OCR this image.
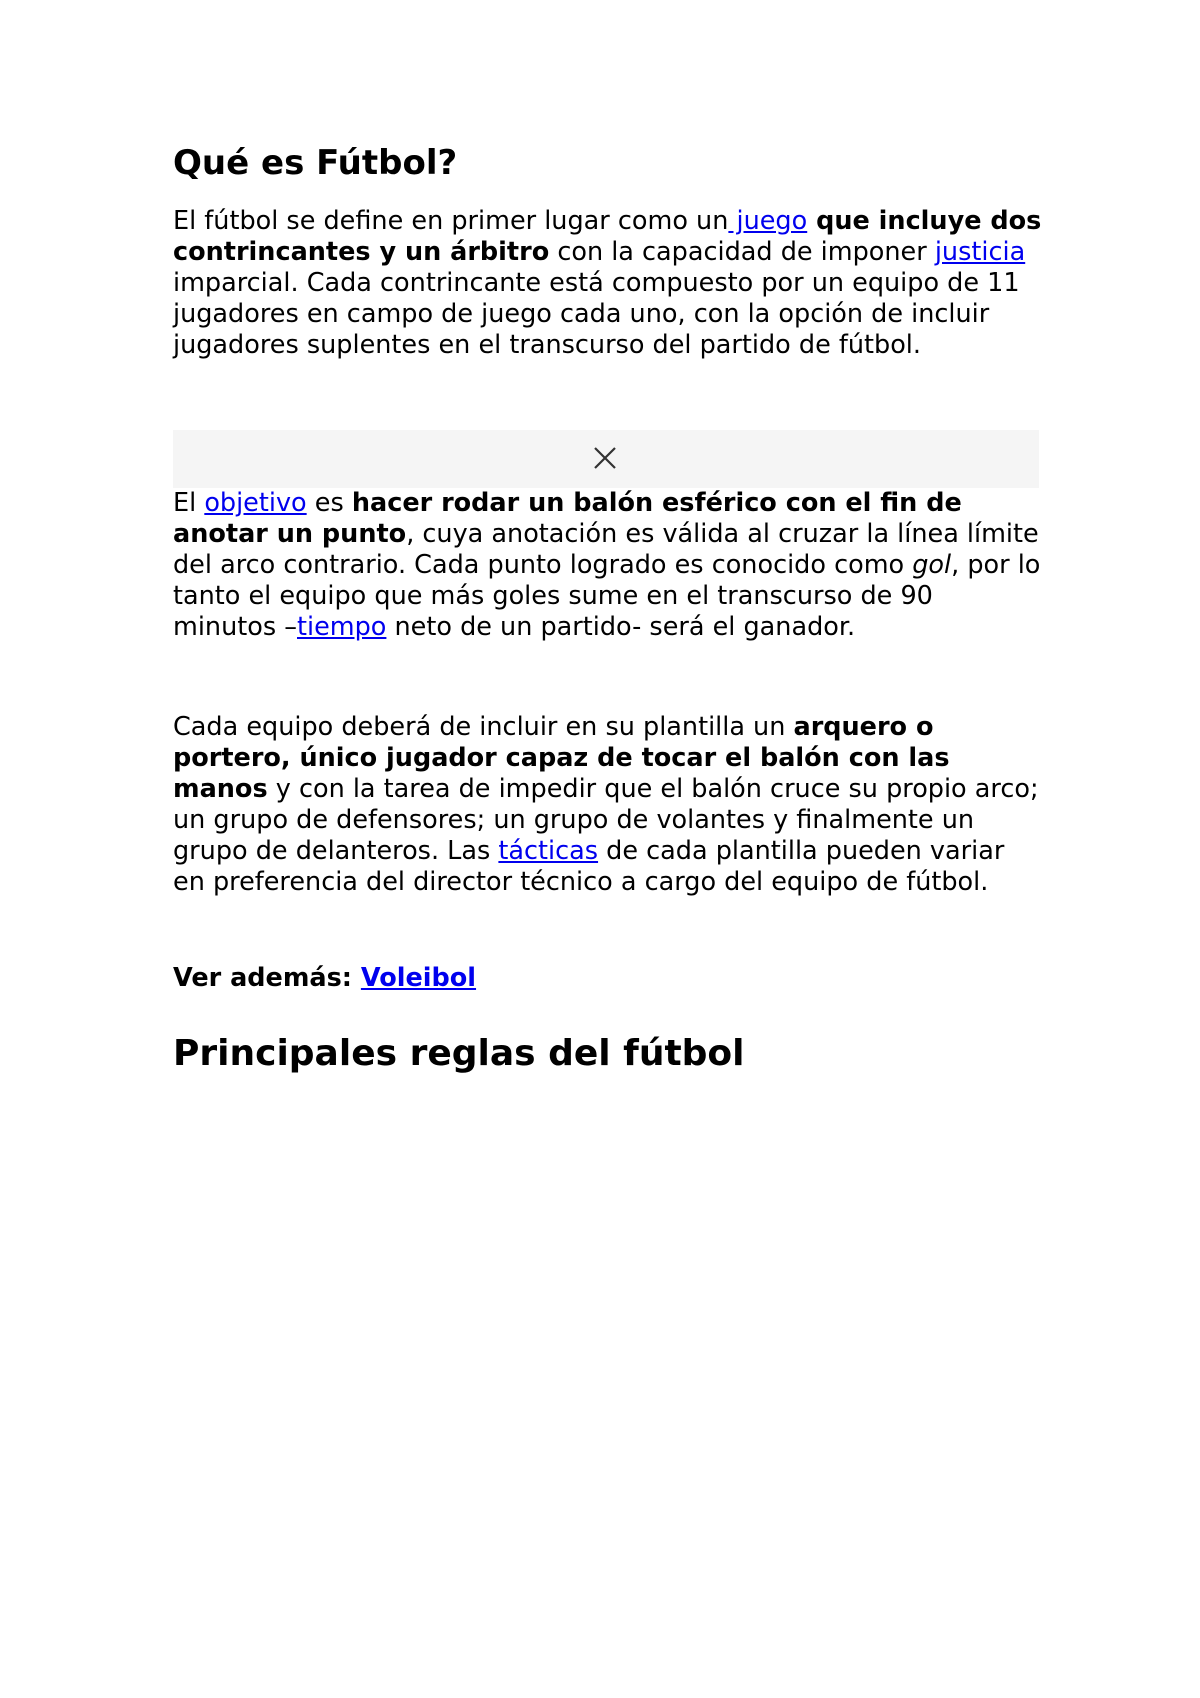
Qué es Fútbol?

El fútbol se define en primer lugar como un juego que incluye dos contrincantes y un árbitro con la capacidad de imponer justicia imparcial. Cada contrincante está compuesto por un equipo de 11 jugadores en campo de juego cada uno, con la opción de incluir jugadores suplentes en el transcurso del partido de fútbol.

El objetivo es hacer rodar un balón esférico con el fin de anotar un punto, cuya anotación es válida al cruzar la línea límite del arco contrario. Cada punto logrado es conocido como gol, por lo tanto el equipo que más goles sume en el transcurso de 90 minutos –tiempo neto de un partido- será el ganador.

Cada equipo deberá de incluir en su plantilla un arquero o portero, único jugador capaz de tocar el balón con las manos y con la tarea de impedir que el balón cruce su propio arco; un grupo de defensores; un grupo de volantes y finalmente un grupo de delanteros. Las tácticas de cada plantilla pueden variar en preferencia del director técnico a cargo del equipo de fútbol.

Ver además: Voleibol

Principales reglas del fútbol
